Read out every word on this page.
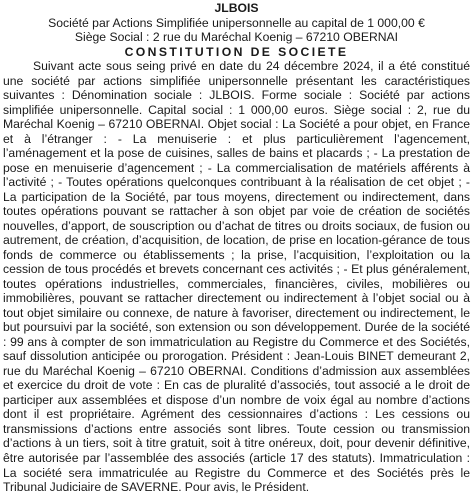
JLBOIS

Société par Actions Simplifiée unipersonnelle au capital de 1 000,00 €

Siège Social : 2 rue du Maréchal Koenig – 67210 OBERNAI

CONSTITUTION DE SOCIETE

Suivant acte sous seing privé en date du 24 décembre 2024, il a été constitué une société par actions simplifiée unipersonnelle présentant les caractéristiques suivantes : Dénomination sociale : JLBOIS. Forme sociale : Société par actions simplifiée unipersonnelle. Capital social : 1 000,00 euros. Siège social : 2, rue du Maréchal Koenig – 67210 OBERNAI. Objet social : La Société a pour objet, en France et à l’étranger : - La menuiserie : et plus particulièrement l’agencement, l’aménagement et la pose de cuisines, salles de bains et placards ; - La prestation de pose en menuiserie d’agencement ; - La commercialisation de matériels afférents à l’activité ; - Toutes opérations quelconques contribuant à la réalisation de cet objet ; - La participation de la Société, par tous moyens, directement ou indirectement, dans toutes opérations pouvant se rattacher à son objet par voie de création de sociétés nouvelles, d’apport, de souscription ou d’achat de titres ou droits sociaux, de fusion ou autrement, de création, d’acquisition, de location, de prise en location-gérance de tous fonds de commerce ou établissements ; la prise, l’acquisition, l’exploitation ou la cession de tous procédés et brevets concernant ces activités ; - Et plus généralement, toutes opérations industrielles, commerciales, financières, civiles, mobilières ou immobilières, pouvant se rattacher directement ou indirectement à l’objet social ou à tout objet similaire ou connexe, de nature à favoriser, directement ou indirectement, le but poursuivi par la société, son extension ou son développement. Durée de la société : 99 ans à compter de son immatriculation au Registre du Commerce et des Sociétés, sauf dissolution anticipée ou prorogation. Président : Jean-Louis BINET demeurant 2, rue du Maréchal Koenig – 67210 OBERNAI. Conditions d’admission aux assemblées et exercice du droit de vote : En cas de pluralité d’associés, tout associé a le droit de participer aux assemblées et dispose d’un nombre de voix égal au nombre d’actions dont il est propriétaire. Agrément des cessionnaires d’actions : Les cessions ou transmissions d’actions entre associés sont libres. Toute cession ou transmission d’actions à un tiers, soit à titre gratuit, soit à titre onéreux, doit, pour devenir définitive, être autorisée par l’assemblée des associés (article 17 des statuts). Immatriculation : La société sera immatriculée au Registre du Commerce et des Sociétés près le Tribunal Judiciaire de SAVERNE. Pour avis, le Président.
